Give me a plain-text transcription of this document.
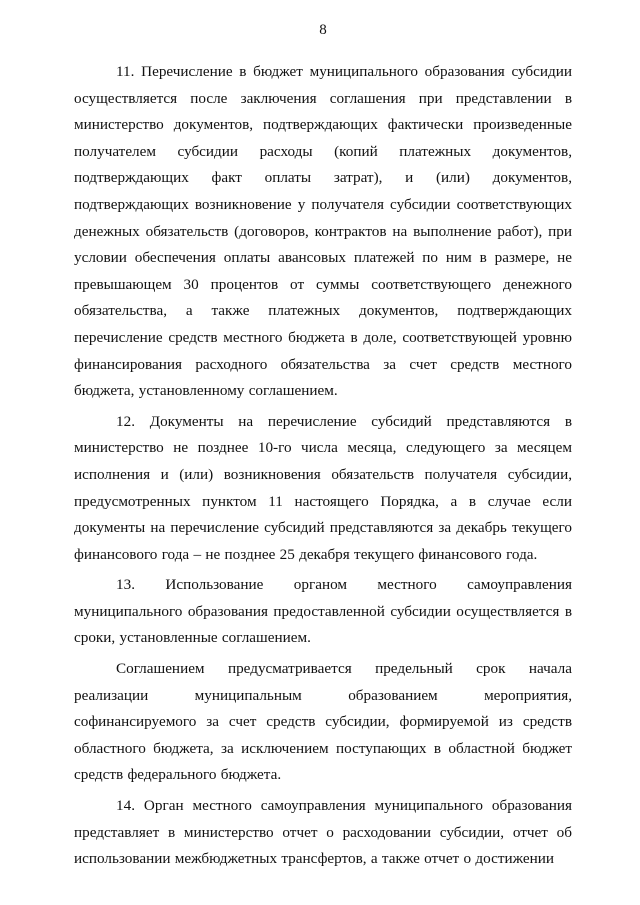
8

11. Перечисление в бюджет муниципального образования субсидии осуществляется после заключения соглашения при представлении в министерство документов, подтверждающих фактически произведенные получателем субсидии расходы (копий платежных документов, подтверждающих факт оплаты затрат), и (или) документов, подтверждающих возникновение у получателя субсидии соответствующих денежных обязательств (договоров, контрактов на выполнение работ), при условии обеспечения оплаты авансовых платежей по ним в размере, не превышающем 30 процентов от суммы соответствующего денежного обязательства, а также платежных документов, подтверждающих перечисление средств местного бюджета в доле, соответствующей уровню финансирования расходного обязательства за счет средств местного бюджета, установленному соглашением.

12. Документы на перечисление субсидий представляются в министерство не позднее 10-го числа месяца, следующего за месяцем исполнения и (или) возникновения обязательств получателя субсидии, предусмотренных пунктом 11 настоящего Порядка, а в случае если документы на перечисление субсидий представляются за декабрь текущего финансового года – не позднее 25 декабря текущего финансового года.

13. Использование органом местного самоуправления муниципального образования предоставленной субсидии осуществляется в сроки, установленные соглашением.

Соглашением предусматривается предельный срок начала реализации муниципальным образованием мероприятия, софинансируемого за счет средств субсидии, формируемой из средств областного бюджета, за исключением поступающих в областной бюджет средств федерального бюджета.

14. Орган местного самоуправления муниципального образования представляет в министерство отчет о расходовании субсидии, отчет об использовании межбюджетных трансфертов, а также отчет о достижении
